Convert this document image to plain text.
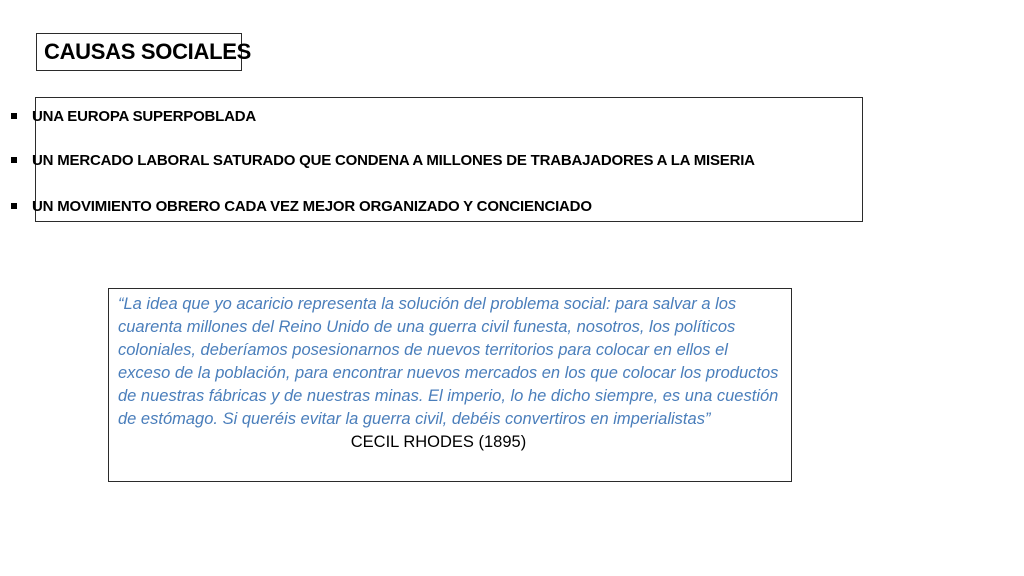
CAUSAS SOCIALES
UNA EUROPA SUPERPOBLADA
UN MERCADO LABORAL SATURADO QUE CONDENA A MILLONES DE TRABAJADORES A LA MISERIA
UN MOVIMIENTO OBRERO CADA VEZ MEJOR ORGANIZADO Y CONCIENCIADO

“La idea que yo acaricio representa la solución del problema social: para salvar a los cuarenta millones del Reino Unido de una guerra civil funesta, nosotros, los políticos coloniales, deberíamos posesionarnos de nuevos territorios para colocar en ellos el exceso de la población, para encontrar nuevos mercados en los que colocar los productos de nuestras fábricas y de nuestras minas. El imperio, lo he dicho siempre, es una cuestión de estómago. Si queréis evitar la guerra civil, debéis convertiros en imperialistas”

CECIL RHODES (1895)
